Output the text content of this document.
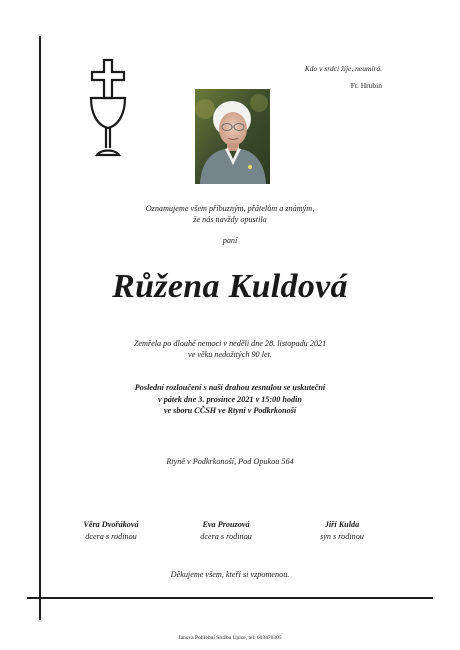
Kdo v srdci žije, neumírá.
Fr. Hrubin
Oznamujeme všem příbuzným, přátelům a známým,
že nás navždy opustila
paní
Růžena Kuldová
Zemřela po dlouhé nemoci v neděli dne 28. listopadu 2021
ve věku nedožitých 90 let.
Poslední rozloučení s naší drahou zesnulou se uskuteční
v pátek dne 3. prosince 2021 v 15:00 hodin
ve sboru CČSH ve Rtyni v Podkrkonoší
Rtyně v Podkrkonoší, Pod Opukou 564
Věra Dvořáková
dcera s rodinou
Eva Prouzová
dcera s rodinou
Jiří Kulda
syn s rodinou
Děkujeme všem, kteří si vzpomenou.
Janovа Pohřební Služba Úpice, tel: 603470305
